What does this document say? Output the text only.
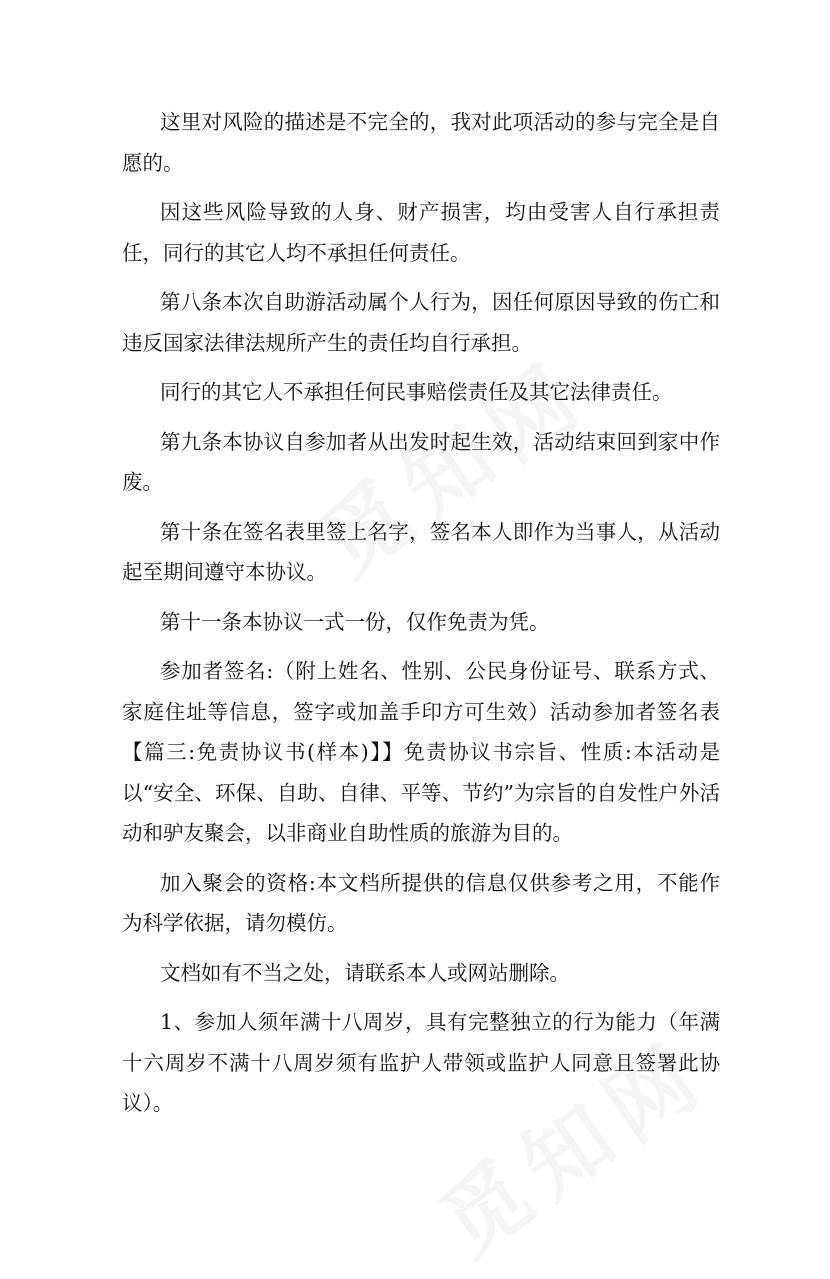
这里对风险的描述是不完全的，我对此项活动的参与完全是自愿的。

因这些风险导致的人身、财产损害，均由受害人自行承担责任，同行的其它人均不承担任何责任。

第八条本次自助游活动属个人行为，因任何原因导致的伤亡和违反国家法律法规所产生的责任均自行承担。

同行的其它人不承担任何民事赔偿责任及其它法律责任。

第九条本协议自参加者从出发时起生效，活动结束回到家中作废。

第十条在签名表里签上名字，签名本人即作为当事人，从活动起至期间遵守本协议。

第十一条本协议一式一份，仅作免责为凭。

参加者签名:（附上姓名、性别、公民身份证号、联系方式、家庭住址等信息，签字或加盖手印方可生效）活动参加者签名表【篇三:免责协议书(样本)】】免责协议书宗旨、性质:本活动是以“安全、环保、自助、自律、平等、节约”为宗旨的自发性户外活动和驴友聚会，以非商业自助性质的旅游为目的。

加入聚会的资格:本文档所提供的信息仅供参考之用，不能作为科学依据，请勿模仿。

文档如有不当之处，请联系本人或网站删除。

1、参加人须年满十八周岁，具有完整独立的行为能力（年满十六周岁不满十八周岁须有监护人带领或监护人同意且签署此协议）。
